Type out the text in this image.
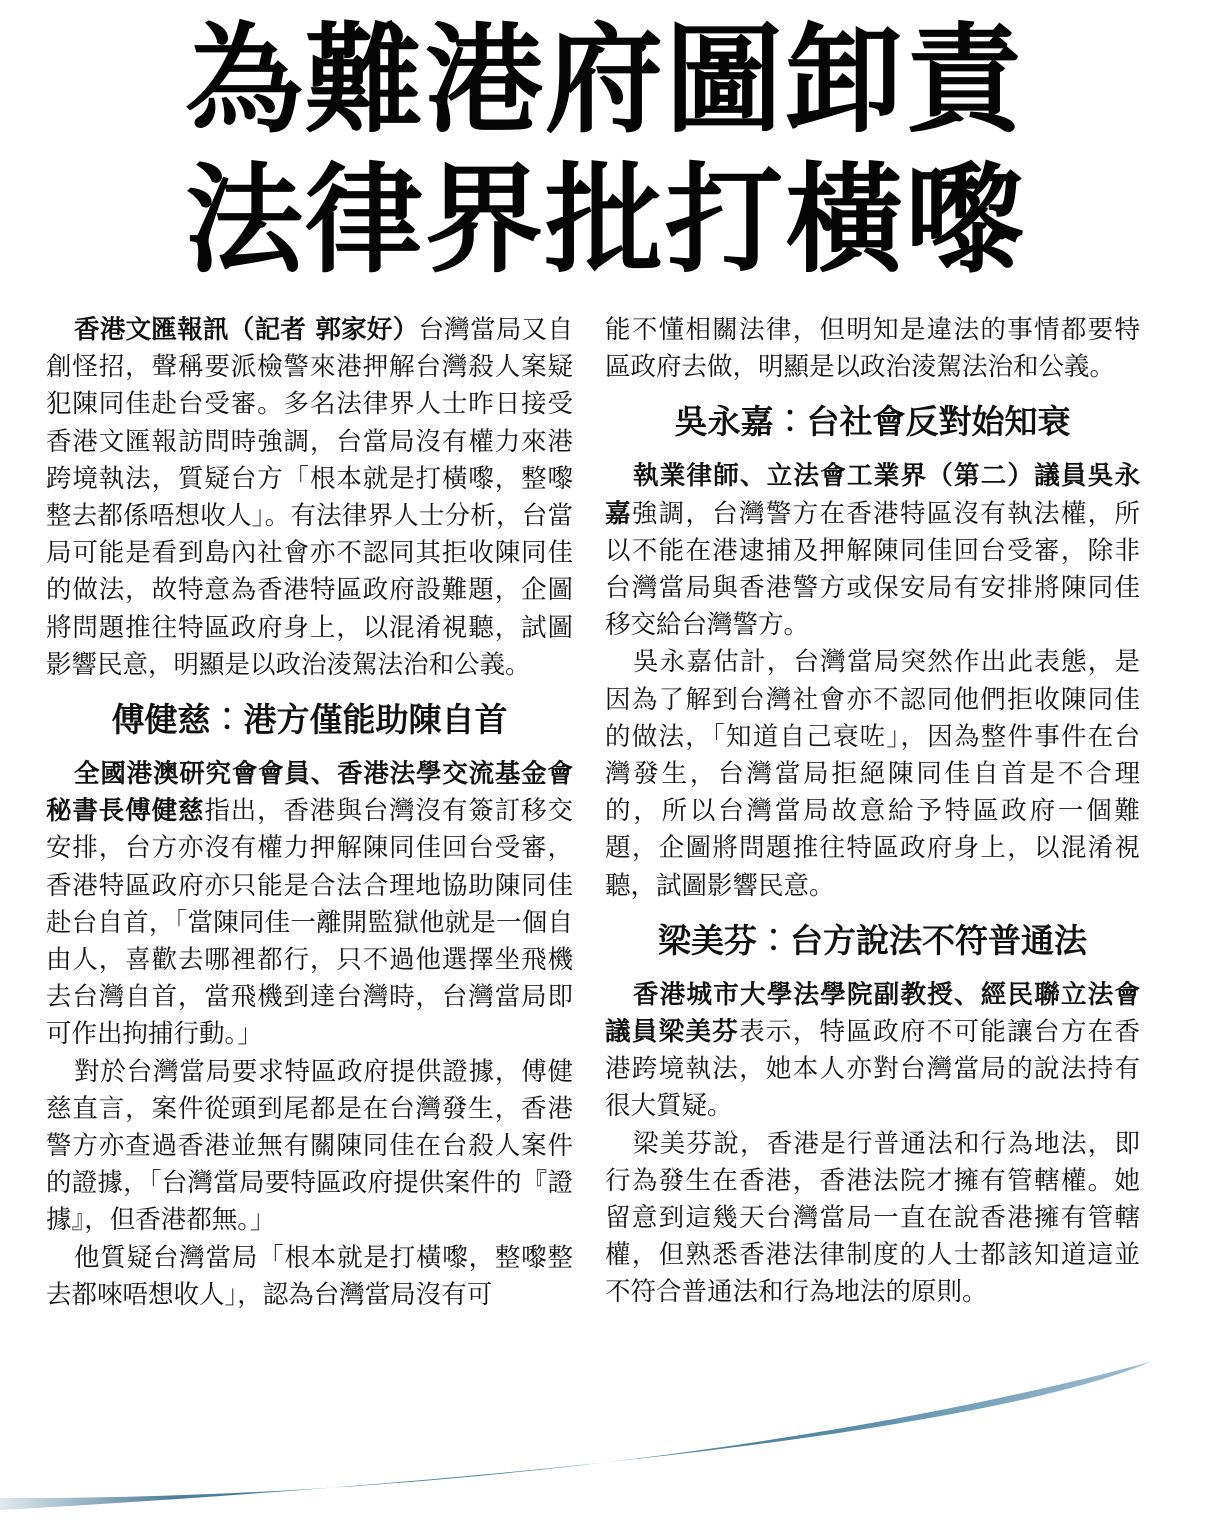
為難港府圖卸責
法律界批打橫嚟

香港文匯報訊（記者 郭家好）台灣當局又自創怪招，聲稱要派檢警來港押解台灣殺人案疑犯陳同佳赴台受審。多名法律界人士昨日接受香港文匯報訪問時強調，台當局沒有權力來港跨境執法，質疑台方「根本就是打橫嚟，整嚟整去都係唔想收人」。有法律界人士分析，台當局可能是看到島內社會亦不認同其拒收陳同佳的做法，故特意為香港特區政府設難題，企圖將問題推往特區政府身上，以混淆視聽，試圖影響民意，明顯是以政治淩駕法治和公義。

傅健慈︰港方僅能助陳自首

全國港澳研究會會員、香港法學交流基金會秘書長傅健慈指出，香港與台灣沒有簽訂移交安排，台方亦沒有權力押解陳同佳回台受審，香港特區政府亦只能是合法合理地協助陳同佳赴台自首，「當陳同佳一離開監獄他就是一個自由人，喜歡去哪裡都行，只不過他選擇坐飛機去台灣自首，當飛機到達台灣時，台灣當局即可作出拘捕行動。」

對於台灣當局要求特區政府提供證據，傅健慈直言，案件從頭到尾都是在台灣發生，香港警方亦查過香港並無有關陳同佳在台殺人案件的證據，「台灣當局要特區政府提供案件的『證據』，但香港都無。」

他質疑台灣當局「根本就是打橫嚟，整嚟整去都唻唔想收人」，認為台灣當局沒有可

能不懂相關法律，但明知是違法的事情都要特區政府去做，明顯是以政治淩駕法治和公義。

吳永嘉︰台社會反對始知衰

執業律師、立法會工業界（第二）議員吳永嘉強調，台灣警方在香港特區沒有執法權，所以不能在港逮捕及押解陳同佳回台受審，除非台灣當局與香港警方或保安局有安排將陳同佳移交給台灣警方。

吳永嘉估計，台灣當局突然作出此表態，是因為了解到台灣社會亦不認同他們拒收陳同佳的做法，「知道自己衰咗」，因為整件事件在台灣發生，台灣當局拒絕陳同佳自首是不合理的，所以台灣當局故意給予特區政府一個難題，企圖將問題推往特區政府身上，以混淆視聽，試圖影響民意。

梁美芬︰台方說法不符普通法

香港城市大學法學院副教授、經民聯立法會議員梁美芬表示，特區政府不可能讓台方在香港跨境執法，她本人亦對台灣當局的說法持有很大質疑。

梁美芬說，香港是行普通法和行為地法，即行為發生在香港，香港法院才擁有管轄權。她留意到這幾天台灣當局一直在說香港擁有管轄權，但熟悉香港法律制度的人士都該知道這並不符合普通法和行為地法的原則。
